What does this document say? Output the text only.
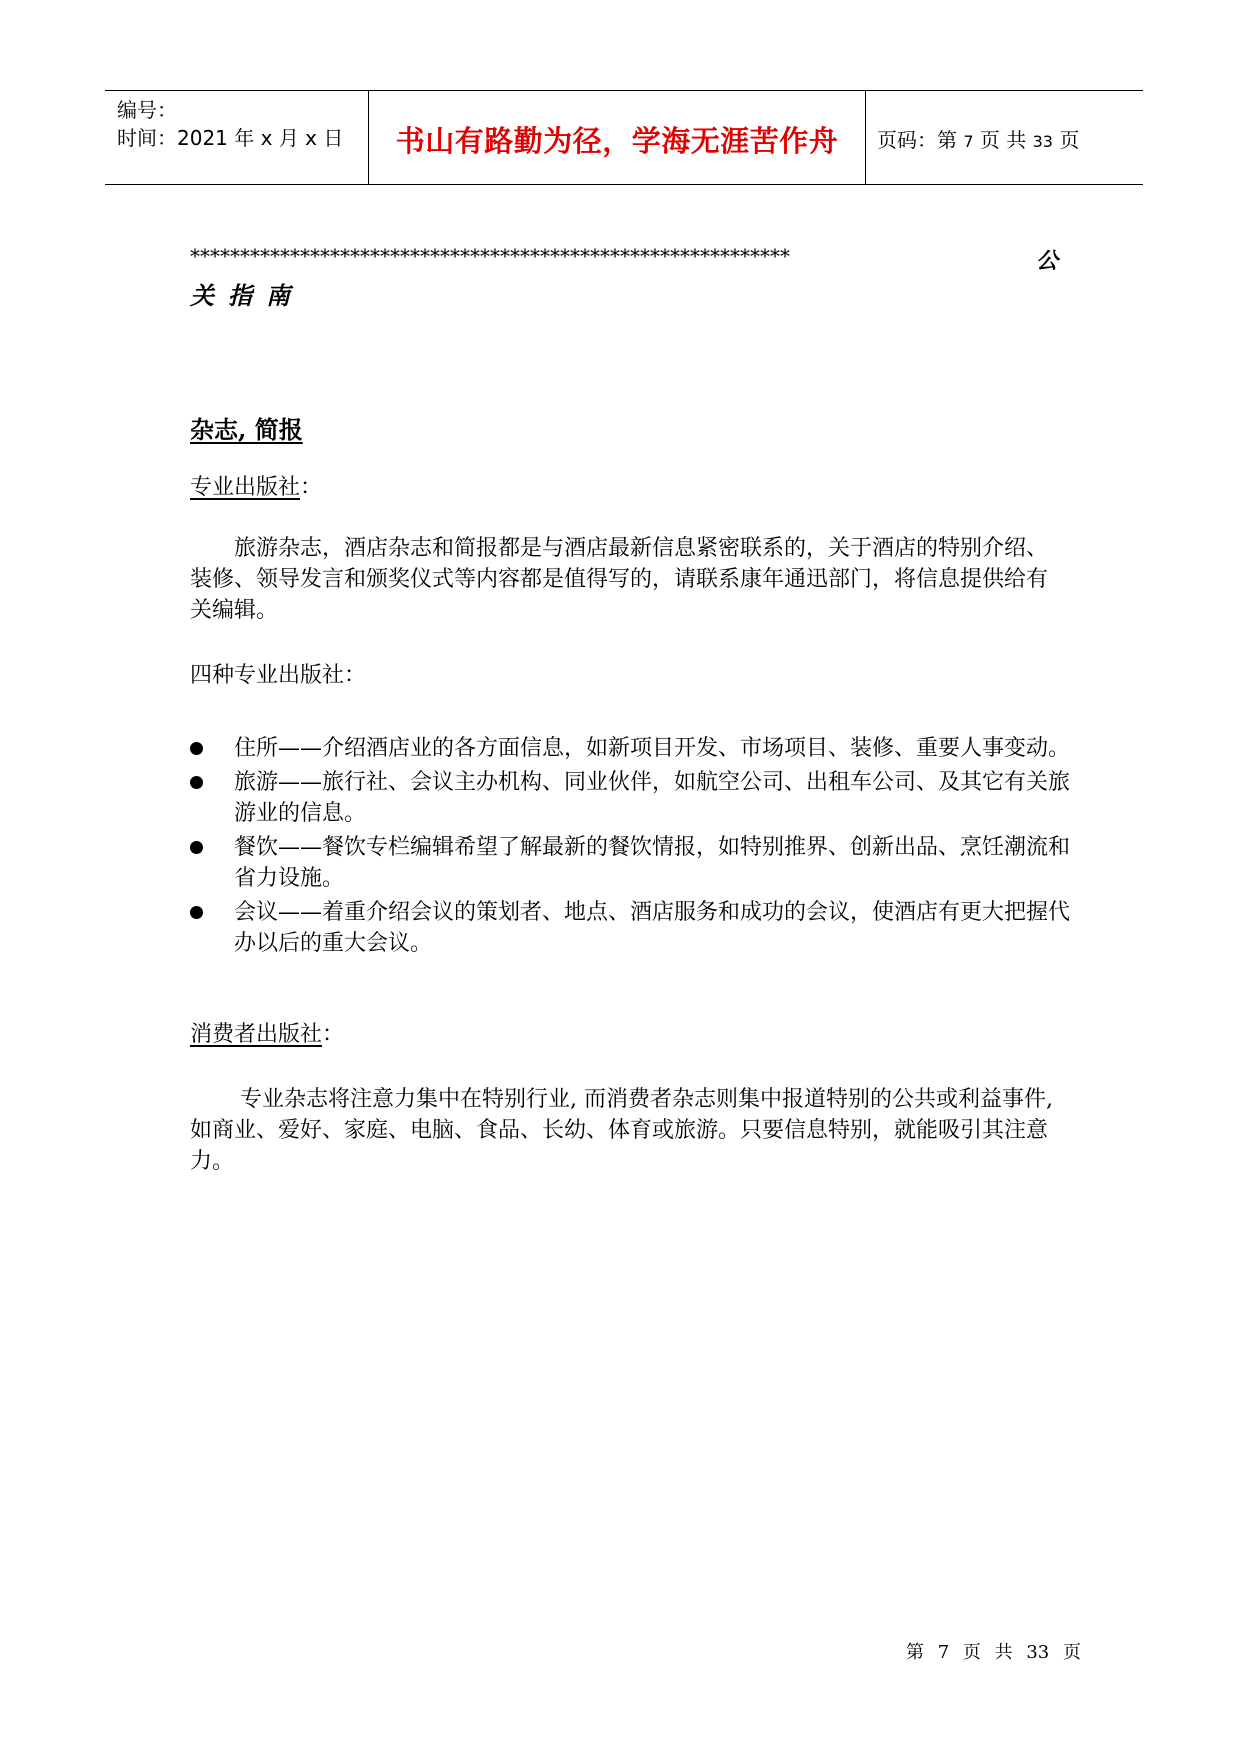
编号：
时间：2021 年 x 月 x 日	书山有路勤为径，学海无涯苦作舟	页码：第 7 页 共 33 页
************************************************************	公
关指南
杂志, 简报
专业出版社：
旅游杂志，酒店杂志和简报都是与酒店最新信息紧密联系的，关于酒店的特别介绍、装修、领导发言和颁奖仪式等内容都是值得写的，请联系康年通迅部门，将信息提供给有关编辑。
四种专业出版社：
住所——介绍酒店业的各方面信息，如新项目开发、市场项目、装修、重要人事变动。
旅游——旅行社、会议主办机构、同业伙伴，如航空公司、出租车公司、及其它有关旅游业的信息。
餐饮——餐饮专栏编辑希望了解最新的餐饮情报，如特别推界、创新出品、烹饪潮流和省力设施。
会议——着重介绍会议的策划者、地点、酒店服务和成功的会议，使酒店有更大把握代办以后的重大会议。
消费者出版社：
专业杂志将注意力集中在特别行业, 而消费者杂志则集中报道特别的公共或利益事件, 如商业、爱好、家庭、电脑、食品、长幼、体育或旅游。只要信息特别，就能吸引其注意力。
第 7 页 共 33 页
